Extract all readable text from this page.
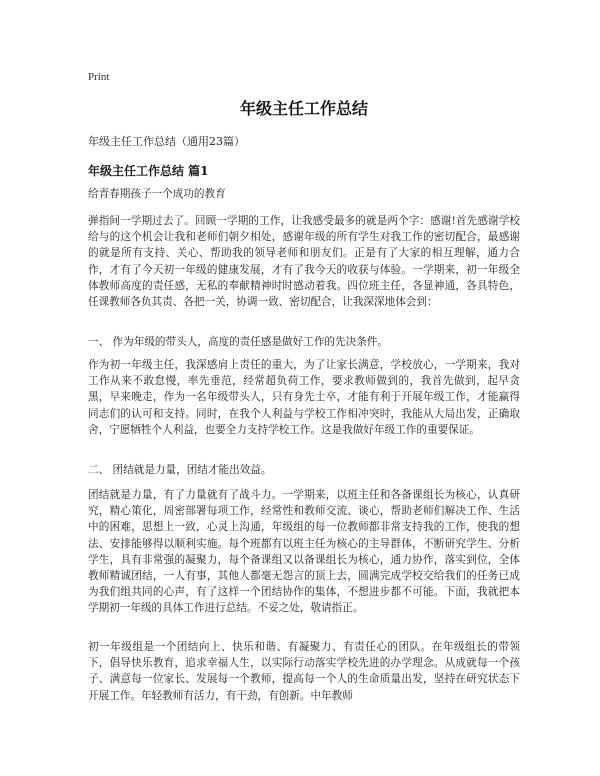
Print
年级主任工作总结
年级主任工作总结（通用23篇）
年级主任工作总结 篇1

给青春期孩子一个成功的教育

弹指间一学期过去了。回顾一学期的工作，让我感受最多的就是两个字：感谢!首先感谢学校给与的这个机会让我和老师们朝夕相处，感谢年级的所有学生对我工作的密切配合，最感谢的就是所有支持、关心、帮助我的领导老师和朋友们。正是有了大家的相互理解，通力合作，才有了今天初一年级的健康发展，才有了我今天的收获与体验。一学期来，初一年级全体教师高度的责任感，无私的奉献精神时时感动着我。四位班主任，各显神通，各具特色，任课教师各负其责、各把一关，协调一致、密切配合，让我深深地体会到：

一、 作为年级的带头人，高度的责任感是做好工作的先决条件。

作为初一年级主任，我深感肩上责任的重大，为了让家长满意，学校放心，一学期来，我对工作从来不敢怠慢，率先垂范，经常超负荷工作，要求教师做到的，我首先做到，起早贪黑，早来晚走，作为一名年级带头人，只有身先士卒，才能有利于开展年级工作，才能赢得同志们的认可和支持。同时，在我个人利益与学校工作相冲突时，我能从大局出发，正确取舍，宁愿牺牲个人利益，也要全力支持学校工作。这是我做好年级工作的重要保证。

二、 团结就是力量，团结才能出效益。

团结就是力量，有了力量就有了战斗力。一学期来，以班主任和各备课组长为核心，认真研究，精心策化，周密部署每项工作，经常性和教师交流、谈心，帮助老师们解决工作、生活中的困难，思想上一致，心灵上沟通，年级组的每一位教师都非常支持我的工作，使我的想法、安排能够得以顺利实施。每个班都有以班主任为核心的主导群体，不断研究学生、分析学生，具有非常强的凝聚力，每个备课组又以备课组长为核心，通力协作，落实到位，全体教师精诚团结，一人有事，其他人都毫无怨言的顶上去，圆满完成学校交给我们的任务已成为我们组共同的心声，有了这样一个团结协作的集体，不想进步都不可能。下面，我就把本学期初一年级的具体工作进行总结。不妥之处，敬请指正。

初一年级组是一个团结向上、快乐和谐、有凝聚力、有责任心的团队。在年级组长的带领下，倡导快乐教育，追求幸福人生，以实际行动落实学校先进的办学理念。从成就每一个孩子、满意每一位家长、发展每一个教师，提高每一个人的生命质量出发，坚持在研究状态下开展工作。年轻教师有活力，有干劲，有创新。中年教师
